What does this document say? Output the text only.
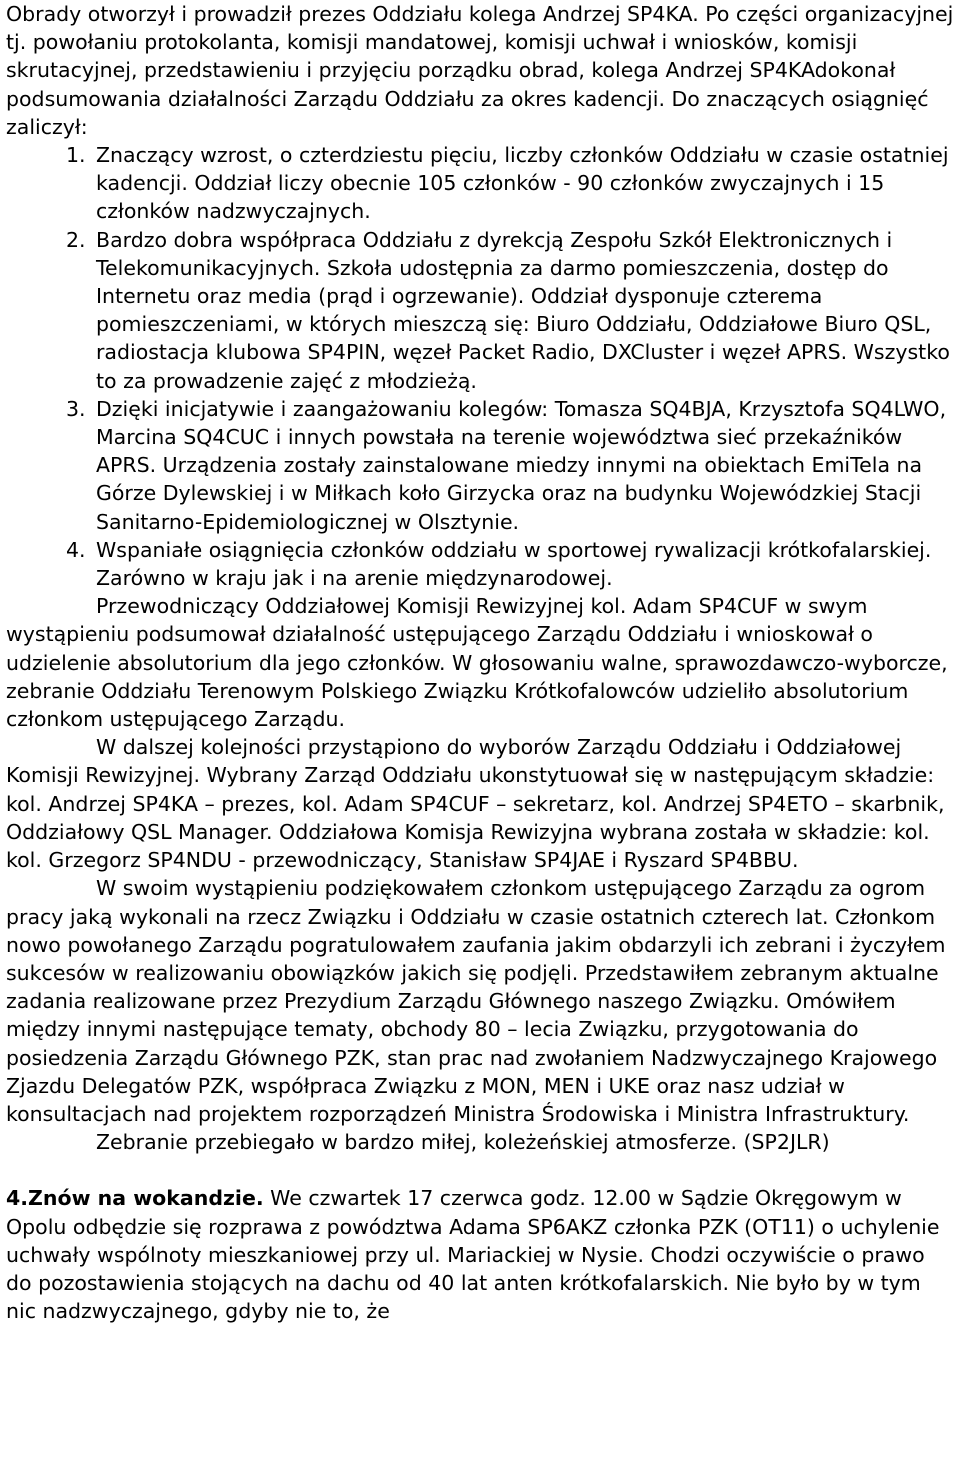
Obrady otworzył i prowadził prezes Oddziału kolega Andrzej SP4KA. Po części organizacyjnej tj. powołaniu protokolanta, komisji mandatowej, komisji uchwał i wniosków, komisji skrutacyjnej, przedstawieniu i przyjęciu porządku obrad, kolega Andrzej SP4KAdokonał podsumowania działalności Zarządu Oddziału za okres kadencji. Do znaczących osiągnięć zaliczył:

1. Znaczący wzrost, o czterdziestu pięciu, liczby członków Oddziału w czasie ostatniej kadencji. Oddział liczy obecnie 105 członków - 90 członków zwyczajnych i 15 członków nadzwyczajnych.
2. Bardzo dobra współpraca Oddziału z dyrekcją Zespołu Szkół Elektronicznych i Telekomunikacyjnych. Szkoła udostępnia za darmo pomieszczenia, dostęp do Internetu oraz media (prąd i ogrzewanie). Oddział dysponuje czterema pomieszczeniami, w których mieszczą się: Biuro Oddziału, Oddziałowe Biuro QSL, radiostacja klubowa SP4PIN, węzeł Packet Radio, DXCluster i węzeł APRS. Wszystko to za prowadzenie zajęć z młodzieżą.
3. Dzięki inicjatywie i zaangażowaniu kolegów: Tomasza SQ4BJA, Krzysztofa SQ4LWO, Marcina SQ4CUC i innych powstała na terenie województwa sieć przekaźników APRS. Urządzenia zostały zainstalowane miedzy innymi na obiektach EmiTela na Górze Dylewskiej i w Miłkach koło Girzycka oraz na budynku Wojewódzkiej Stacji Sanitarno-Epidemiologicznej w Olsztynie.
4. Wspaniałe osiągnięcia członków oddziału w sportowej rywalizacji krótkofalarskiej. Zarówno w kraju jak i na arenie międzynarodowej.

Przewodniczący Oddziałowej Komisji Rewizyjnej kol. Adam SP4CUF w swym wystąpieniu podsumował działalność ustępującego Zarządu Oddziału i wnioskował o udzielenie absolutorium dla jego członków. W głosowaniu walne, sprawozdawczo-wyborcze, zebranie Oddziału Terenowym Polskiego Związku Krótkofalowców udzieliło absolutorium członkom ustępującego Zarządu.

W dalszej kolejności przystąpiono do wyborów Zarządu Oddziału i Oddziałowej Komisji Rewizyjnej. Wybrany Zarząd Oddziału ukonstytuował się w następującym składzie: kol. Andrzej SP4KA – prezes, kol. Adam SP4CUF – sekretarz, kol. Andrzej SP4ETO – skarbnik, Oddziałowy QSL Manager. Oddziałowa Komisja Rewizyjna wybrana została w składzie: kol. kol. Grzegorz SP4NDU - przewodniczący, Stanisław SP4JAE i Ryszard SP4BBU.

W swoim wystąpieniu podziękowałem członkom ustępującego Zarządu za ogrom pracy jaką wykonali na rzecz Związku i Oddziału w czasie ostatnich czterech lat. Członkom nowo powołanego Zarządu pogratulowałem zaufania jakim obdarzyli ich zebrani i życzyłem sukcesów w realizowaniu obowiązków jakich się podjęli. Przedstawiłem zebranym aktualne zadania realizowane przez Prezydium Zarządu Głównego naszego Związku. Omówiłem między innymi następujące tematy, obchody 80 – lecia Związku, przygotowania do posiedzenia Zarządu Głównego PZK, stan prac nad zwołaniem Nadzwyczajnego Krajowego Zjazdu Delegatów PZK, współpraca Związku z MON, MEN i UKE oraz nasz udział w konsultacjach nad projektem rozporządzeń Ministra Środowiska i Ministra Infrastruktury.

Zebranie przebiegało w bardzo miłej, koleżeńskiej atmosferze. (SP2JLR)

4.Znów na wokandzie. We czwartek 17 czerwca godz. 12.00 w Sądzie Okręgowym w Opolu odbędzie się rozprawa z powództwa Adama SP6AKZ członka PZK (OT11) o uchylenie uchwały wspólnoty mieszkaniowej przy ul. Mariackiej w Nysie. Chodzi oczywiście o prawo do pozostawienia stojących na dachu od 40 lat anten krótkofalarskich. Nie było by w tym nic nadzwyczajnego, gdyby nie to, że
